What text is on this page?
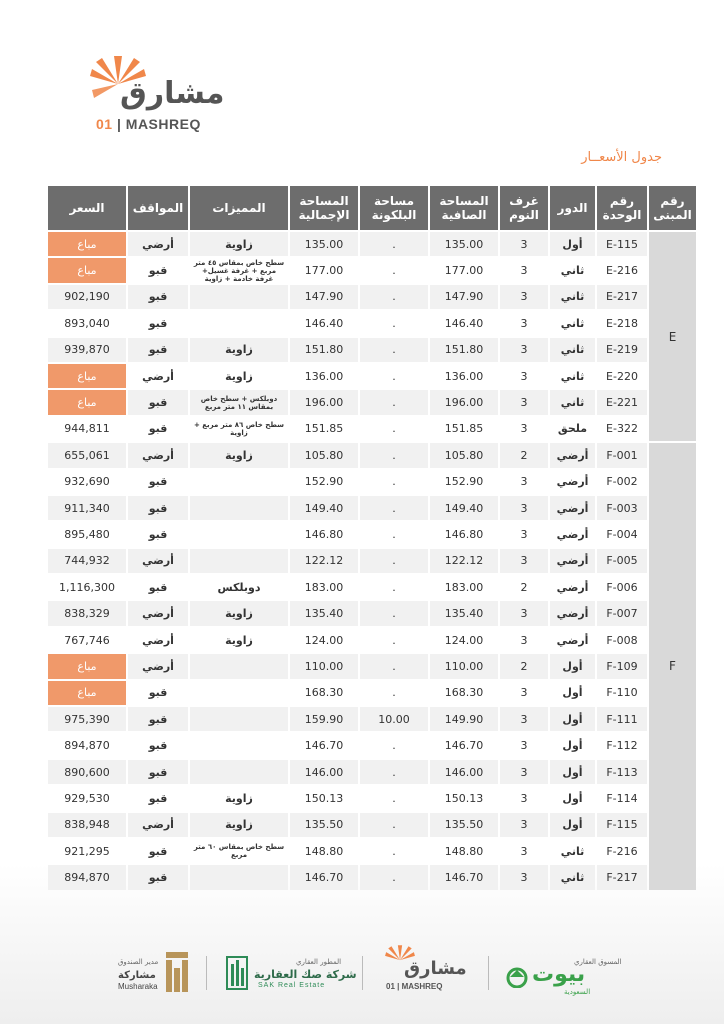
مشارق
01 | MASHREQ
جدول الأسعــار
رقم المبنى	رقم الوحدة	الدور	غرف النوم	المساحة الصافية	مساحة البلكونة	المساحة الإجمالية	المميزات	المواقف	السعر
E	E-115	أول	3	135.00	.	135.00	زاوية	أرضي	مباع
	E-216	ثاني	3	177.00	.	177.00	سطح خاص بمقاس ٤٥ متر مربع + غرفة غسيل+ غرفة خادمة + زاوية	قبو	مباع
	E-217	ثاني	3	147.90	.	147.90		قبو	902,190
	E-218	ثاني	3	146.40	.	146.40		قبو	893,040
	E-219	ثاني	3	151.80	.	151.80	زاوية	قبو	939,870
	E-220	ثاني	3	136.00	.	136.00	زاوية	أرضي	مباع
	E-221	ثاني	3	196.00	.	196.00	دوبلكس + سطح خاص بمقاس ١١ متر مربع	قبو	مباع
	E-322	ملحق	3	151.85	.	151.85	سطح خاص ٨٦ متر مربع + زاوية	قبو	944,811
F	F-001	أرضي	2	105.80	.	105.80	زاوية	أرضي	655,061
	F-002	أرضي	3	152.90	.	152.90		قبو	932,690
	F-003	أرضي	3	149.40	.	149.40		قبو	911,340
	F-004	أرضي	3	146.80	.	146.80		قبو	895,480
	F-005	أرضي	3	122.12	.	122.12		أرضي	744,932
	F-006	أرضي	2	183.00	.	183.00	دوبلكس	قبو	1,116,300
	F-007	أرضي	3	135.40	.	135.40	زاوية	أرضي	838,329
	F-008	أرضي	3	124.00	.	124.00	زاوية	أرضي	767,746
	F-109	أول	2	110.00	.	110.00		أرضي	مباع
	F-110	أول	3	168.30	.	168.30		قبو	مباع
	F-111	أول	3	149.90	10.00	159.90		قبو	975,390
	F-112	أول	3	146.70	.	146.70		قبو	894,870
	F-113	أول	3	146.00	.	146.00		قبو	890,600
	F-114	أول	3	150.13	.	150.13	زاوية	قبو	929,530
	F-115	أول	3	135.50	.	135.50	زاوية	أرضي	838,948
	F-216	ثاني	3	148.80	.	148.80	سطح خاص بمقاس ٦٠ متر مربع	قبو	921,295
	F-217	ثاني	3	146.70	.	146.70		قبو	894,870
مدير الصندوق
مشاركة
Musharaka
المطور العقاري
شركة صك العقارية
SAK Real Estate
مشارق
01 | MASHREQ
المسوق العقاري
بيوت
السعودية
